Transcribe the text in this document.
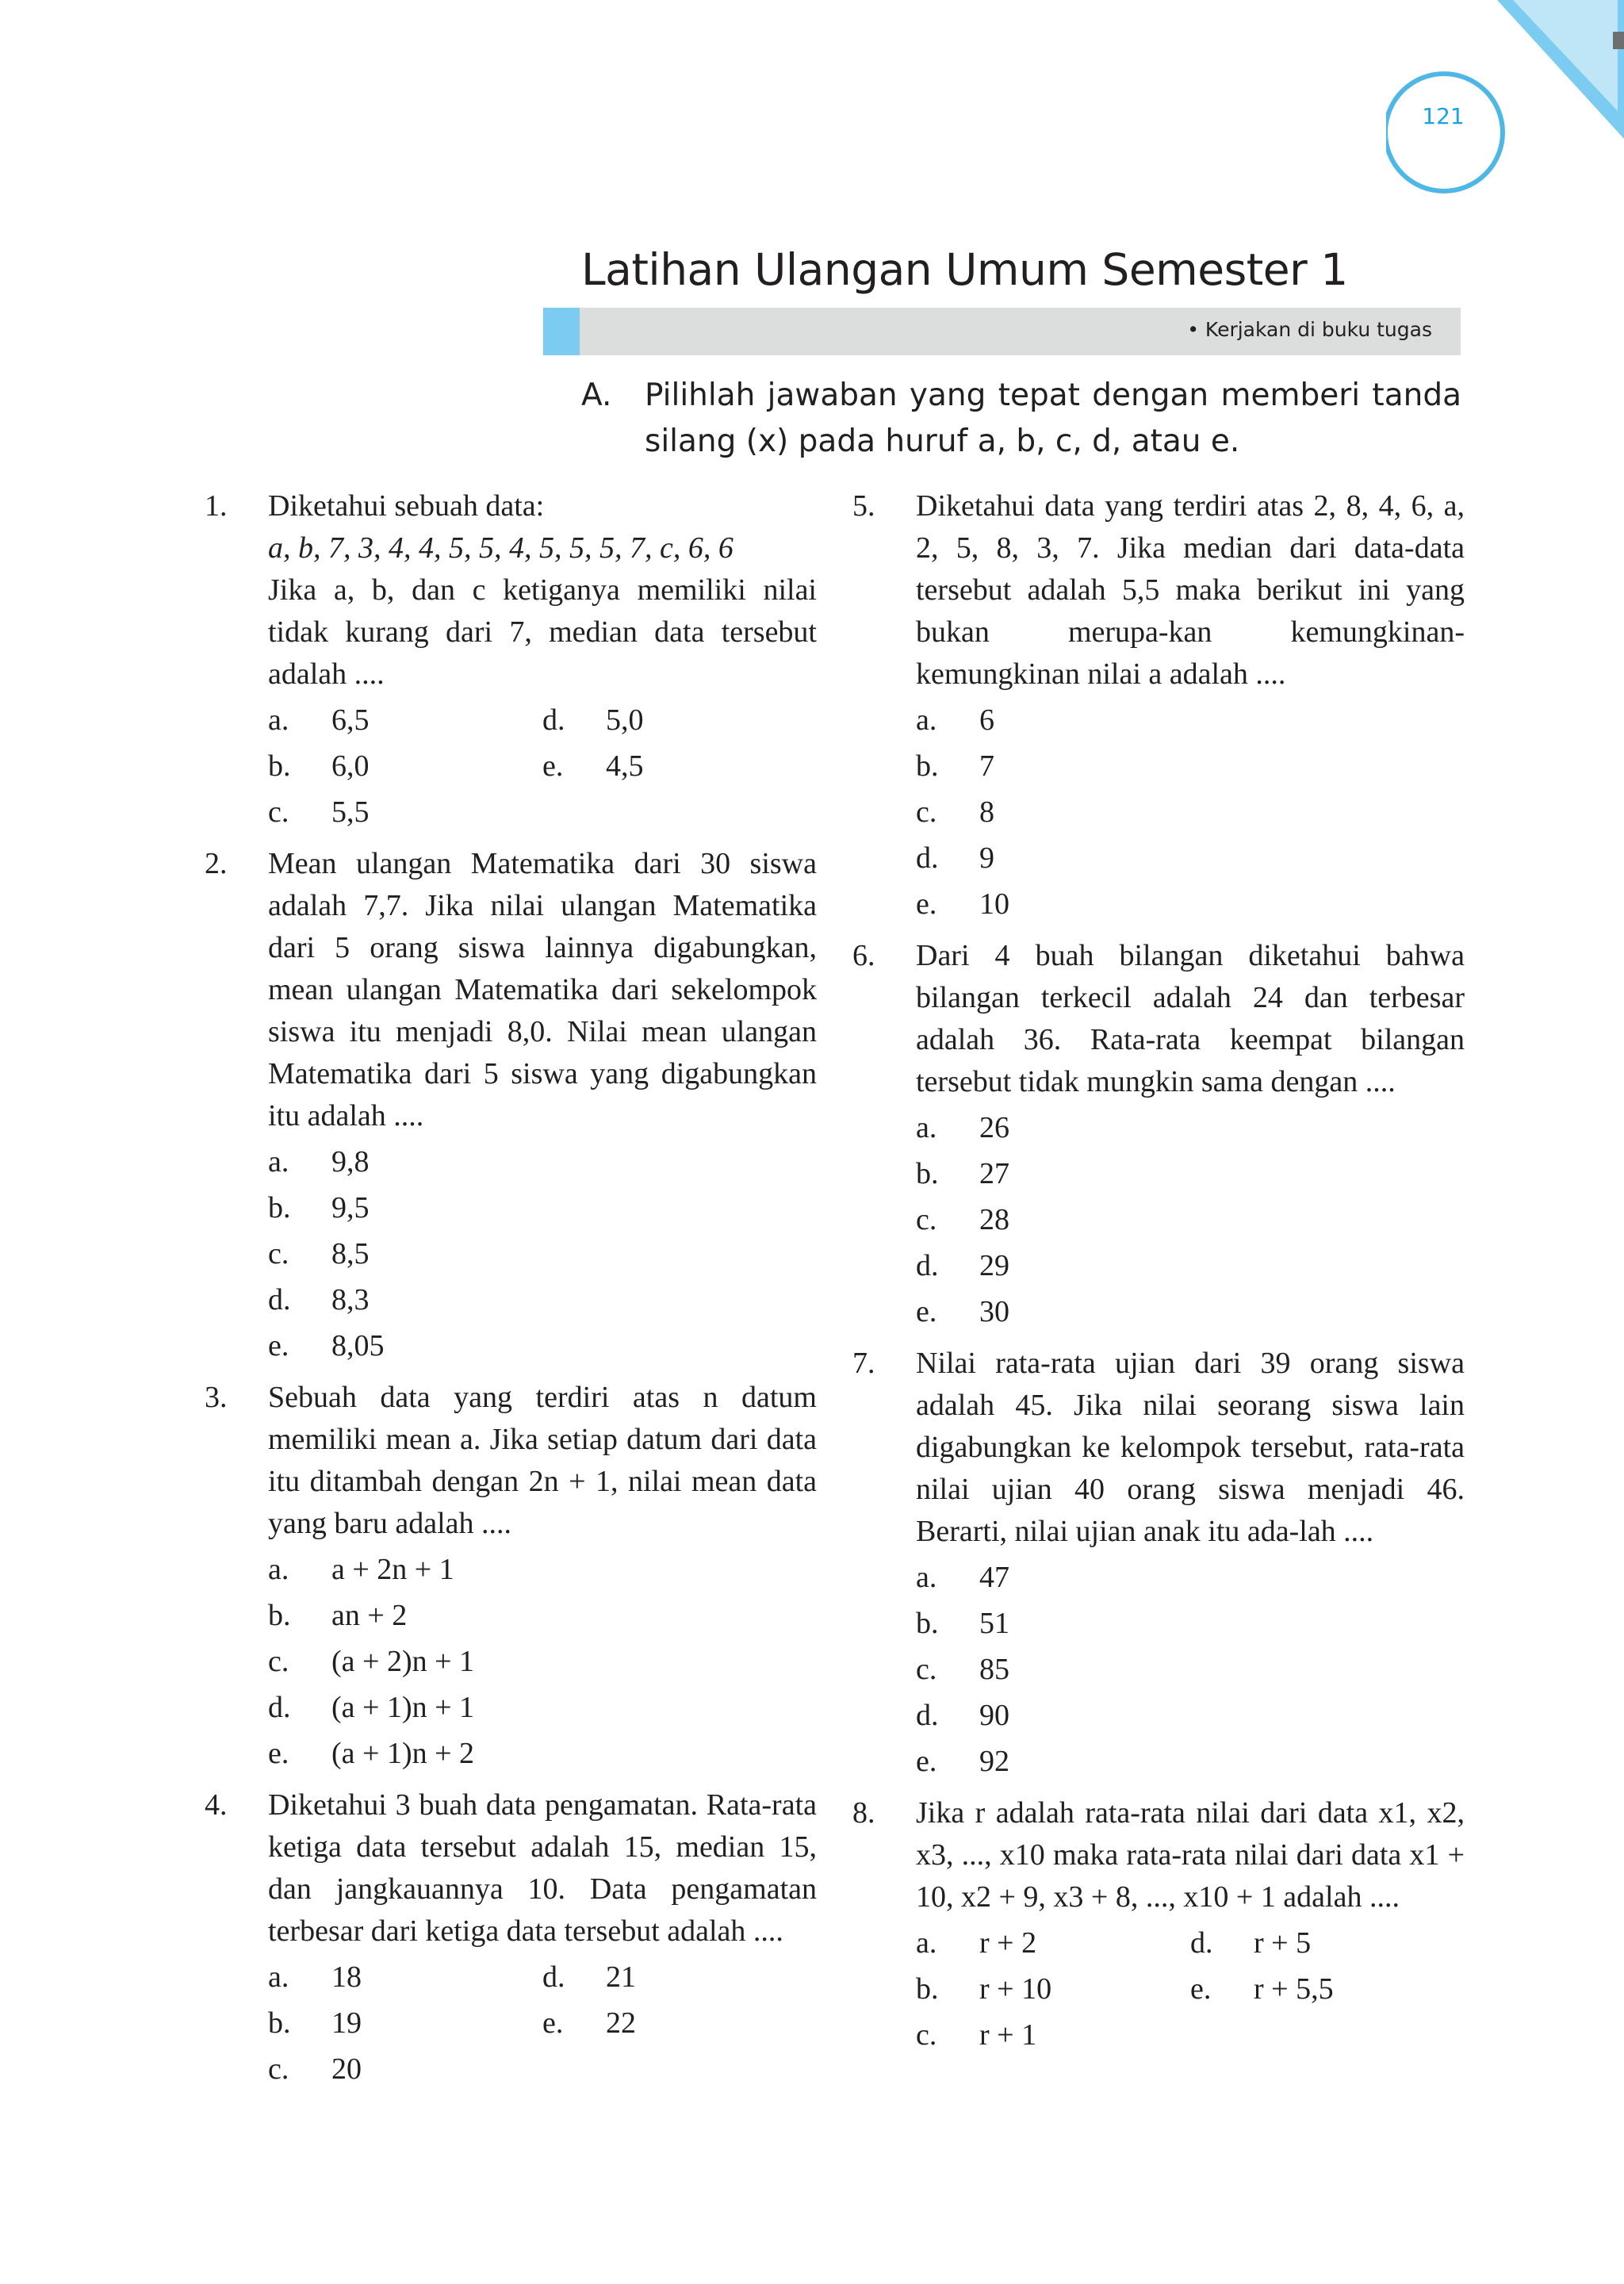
121
Latihan Ulangan Umum Semester 1
• Kerjakan di buku tugas
A. Pilihlah jawaban yang tepat dengan memberi tanda silang (x) pada huruf a, b, c, d, atau e.
1. Diketahui sebuah data:
a, b, 7, 3, 4, 4, 5, 5, 4, 5, 5, 5, 7, c, 6, 6
Jika a, b, dan c ketiganya memiliki nilai tidak kurang dari 7, median data tersebut adalah ....
a.	6,5	d.	5,0
b.	6,0	e.	4,5
c.	5,5
2. Mean ulangan Matematika dari 30 siswa adalah 7,7. Jika nilai ulangan Matematika dari 5 orang siswa lainnya digabungkan, mean ulangan Matematika dari sekelompok siswa itu menjadi 8,0. Nilai mean ulangan Matematika dari 5 siswa yang digabungkan itu adalah ....
a.	9,8
b.	9,5
c.	8,5
d.	8,3
e.	8,05
3. Sebuah data yang terdiri atas n datum memiliki mean a. Jika setiap datum dari data itu ditambah dengan 2n + 1, nilai mean data yang baru adalah ....
a.	a + 2n + 1
b.	an + 2
c.	(a + 2)n + 1
d.	(a + 1)n + 1
e.	(a + 1)n + 2
4. Diketahui 3 buah data pengamatan. Rata-rata ketiga data tersebut adalah 15, median 15, dan jangkauannya 10. Data pengamatan terbesar dari ketiga data tersebut adalah ....
a.	18	d.	21
b.	19	e.	22
c.	20
5. Diketahui data yang terdiri atas 2, 8, 4, 6, a, 2, 5, 8, 3, 7. Jika median dari data-data tersebut adalah 5,5 maka berikut ini yang bukan merupa-kan kemungkinan-kemungkinan nilai a adalah ....
a.	6
b.	7
c.	8
d.	9
e.	10
6. Dari 4 buah bilangan diketahui bahwa bilangan terkecil adalah 24 dan terbesar adalah 36. Rata-rata keempat bilangan tersebut tidak mungkin sama dengan ....
a.	26
b.	27
c.	28
d.	29
e.	30
7. Nilai rata-rata ujian dari 39 orang siswa adalah 45. Jika nilai seorang siswa lain digabungkan ke kelompok tersebut, rata-rata nilai ujian 40 orang siswa menjadi 46. Berarti, nilai ujian anak itu ada-lah ....
a.	47
b.	51
c.	85
d.	90
e.	92
8. Jika r adalah rata-rata nilai dari data x1, x2, x3, ..., x10 maka rata-rata nilai dari data x1 + 10, x2 + 9, x3 + 8, ..., x10 + 1 adalah ....
a.	r + 2	d.	r + 5
b.	r + 10	e.	r + 5,5
c.	r + 1
